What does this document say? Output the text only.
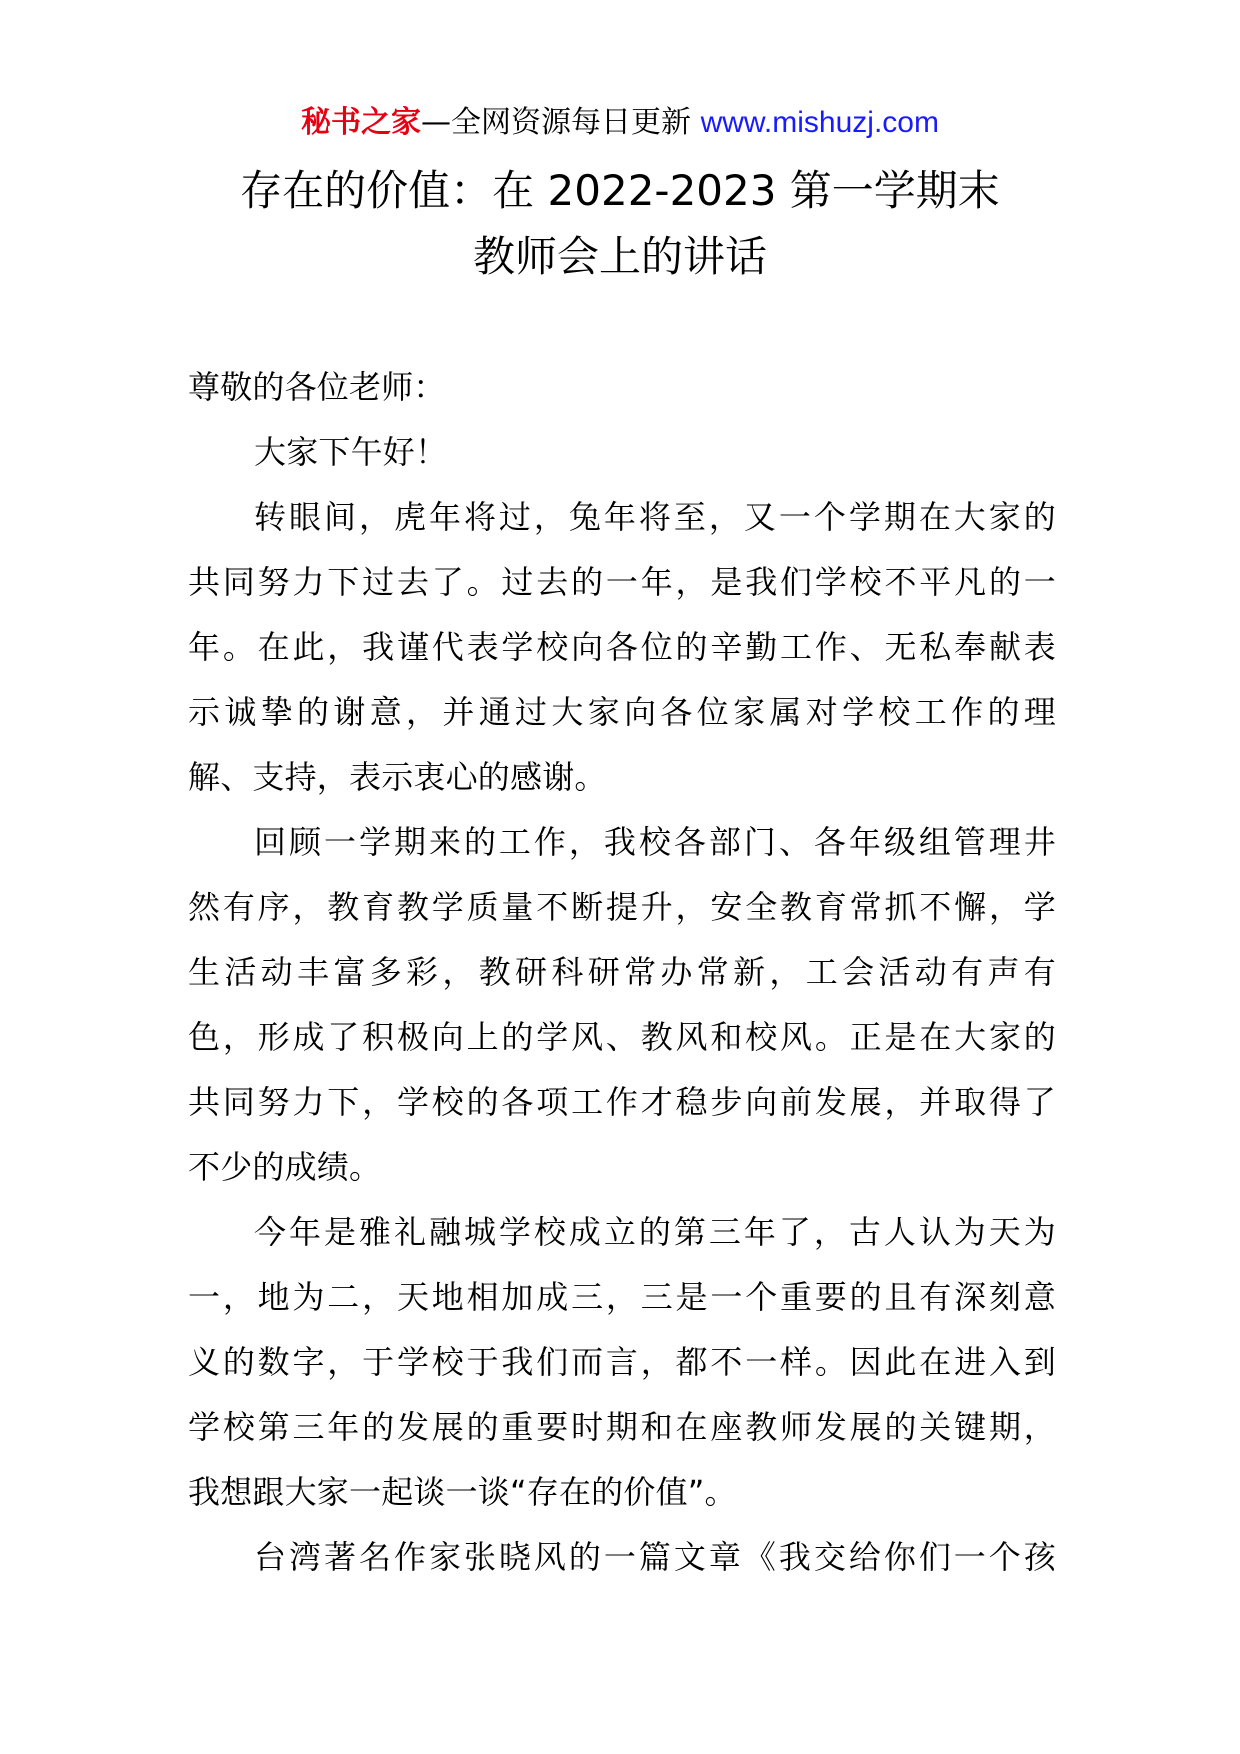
秘书之家—全网资源每日更新 www.mishuzj.com
存在的价值：在 2022-2023 第一学期末
教师会上的讲话
尊敬的各位老师：
大家下午好！
转眼间，虎年将过，兔年将至，又一个学期在大家的
共同努力下过去了。过去的一年，是我们学校不平凡的一
年。在此，我谨代表学校向各位的辛勤工作、无私奉献表
示诚挚的谢意，并通过大家向各位家属对学校工作的理
解、支持，表示衷心的感谢。
回顾一学期来的工作，我校各部门、各年级组管理井
然有序，教育教学质量不断提升，安全教育常抓不懈，学
生活动丰富多彩，教研科研常办常新，工会活动有声有
色，形成了积极向上的学风、教风和校风。正是在大家的
共同努力下，学校的各项工作才稳步向前发展，并取得了
不少的成绩。
今年是雅礼融城学校成立的第三年了，古人认为天为
一，地为二，天地相加成三，三是一个重要的且有深刻意
义的数字，于学校于我们而言，都不一样。因此在进入到
学校第三年的发展的重要时期和在座教师发展的关键期，
我想跟大家一起谈一谈“存在的价值”。
台湾著名作家张晓风的一篇文章《我交给你们一个孩
